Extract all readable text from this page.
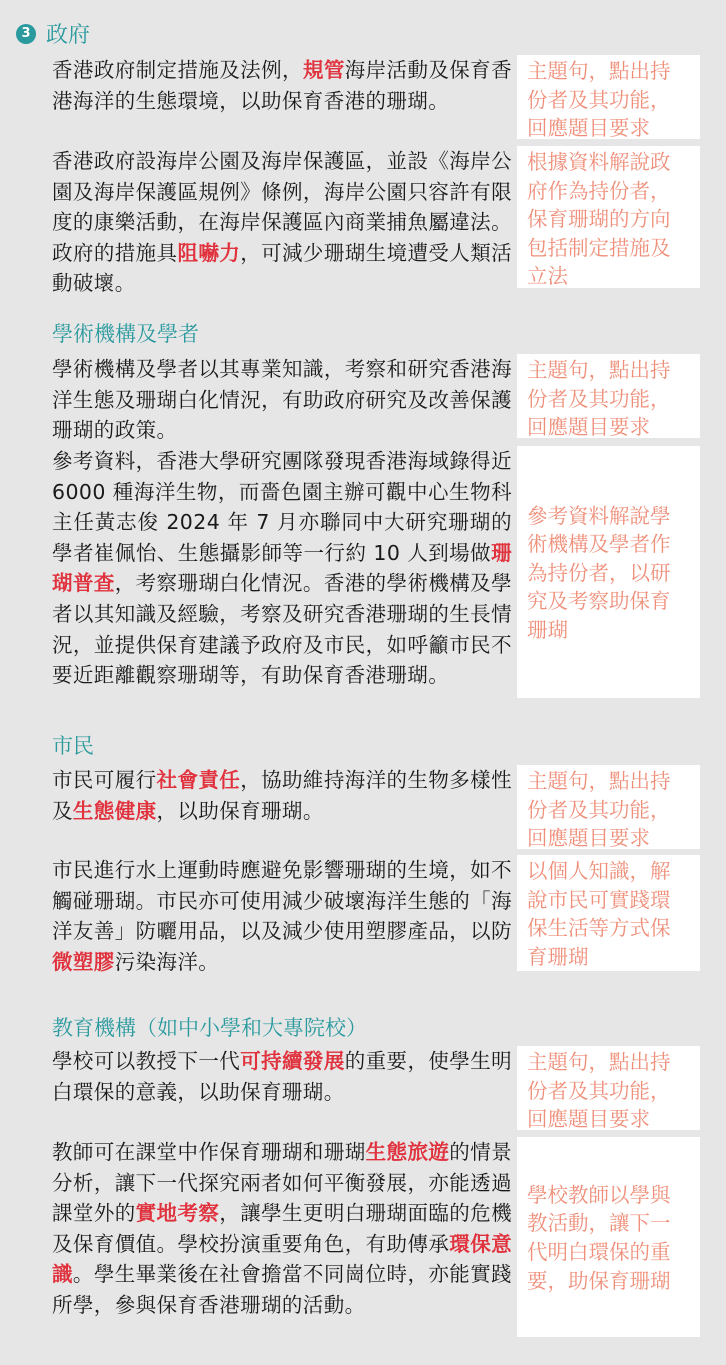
3 政府
香港政府制定措施及法例，規管海岸活動及保育香港海洋的生態環境，以助保育香港的珊瑚。
主題句，點出持份者及其功能，回應題目要求
香港政府設海岸公園及海岸保護區，並設《海岸公園及海岸保護區規例》條例，海岸公園只容許有限度的康樂活動，在海岸保護區內商業捕魚屬違法。政府的措施具阻嚇力，可減少珊瑚生境遭受人類活動破壞。
根據資料解說政府作為持份者，保育珊瑚的方向包括制定措施及立法
學術機構及學者
學術機構及學者以其專業知識，考察和研究香港海洋生態及珊瑚白化情況，有助政府研究及改善保護珊瑚的政策。
主題句，點出持份者及其功能，回應題目要求
參考資料，香港大學研究團隊發現香港海域錄得近 6000 種海洋生物，而嗇色園主辦可觀中心生物科主任黃志俊 2024 年 7 月亦聯同中大研究珊瑚的學者崔佩怡、生態攝影師等一行約 10 人到場做珊瑚普查，考察珊瑚白化情況。香港的學術機構及學者以其知識及經驗，考察及研究香港珊瑚的生長情況，並提供保育建議予政府及市民，如呼籲市民不要近距離觀察珊瑚等，有助保育香港珊瑚。
參考資料解說學術機構及學者作為持份者，以研究及考察助保育珊瑚
市民
市民可履行社會責任，協助維持海洋的生物多樣性及生態健康，以助保育珊瑚。
主題句，點出持份者及其功能，回應題目要求
市民進行水上運動時應避免影響珊瑚的生境，如不觸碰珊瑚。市民亦可使用減少破壞海洋生態的「海洋友善」防曬用品，以及減少使用塑膠產品，以防微塑膠污染海洋。
以個人知識，解說市民可實踐環保生活等方式保育珊瑚
教育機構（如中小學和大專院校）
學校可以教授下一代可持續發展的重要，使學生明白環保的意義，以助保育珊瑚。
主題句，點出持份者及其功能，回應題目要求
教師可在課堂中作保育珊瑚和珊瑚生態旅遊的情景分析，讓下一代探究兩者如何平衡發展，亦能透過課堂外的實地考察，讓學生更明白珊瑚面臨的危機及保育價值。學校扮演重要角色，有助傳承環保意識。學生畢業後在社會擔當不同崗位時，亦能實踐所學，參與保育香港珊瑚的活動。
學校教師以學與教活動，讓下一代明白環保的重要，助保育珊瑚
